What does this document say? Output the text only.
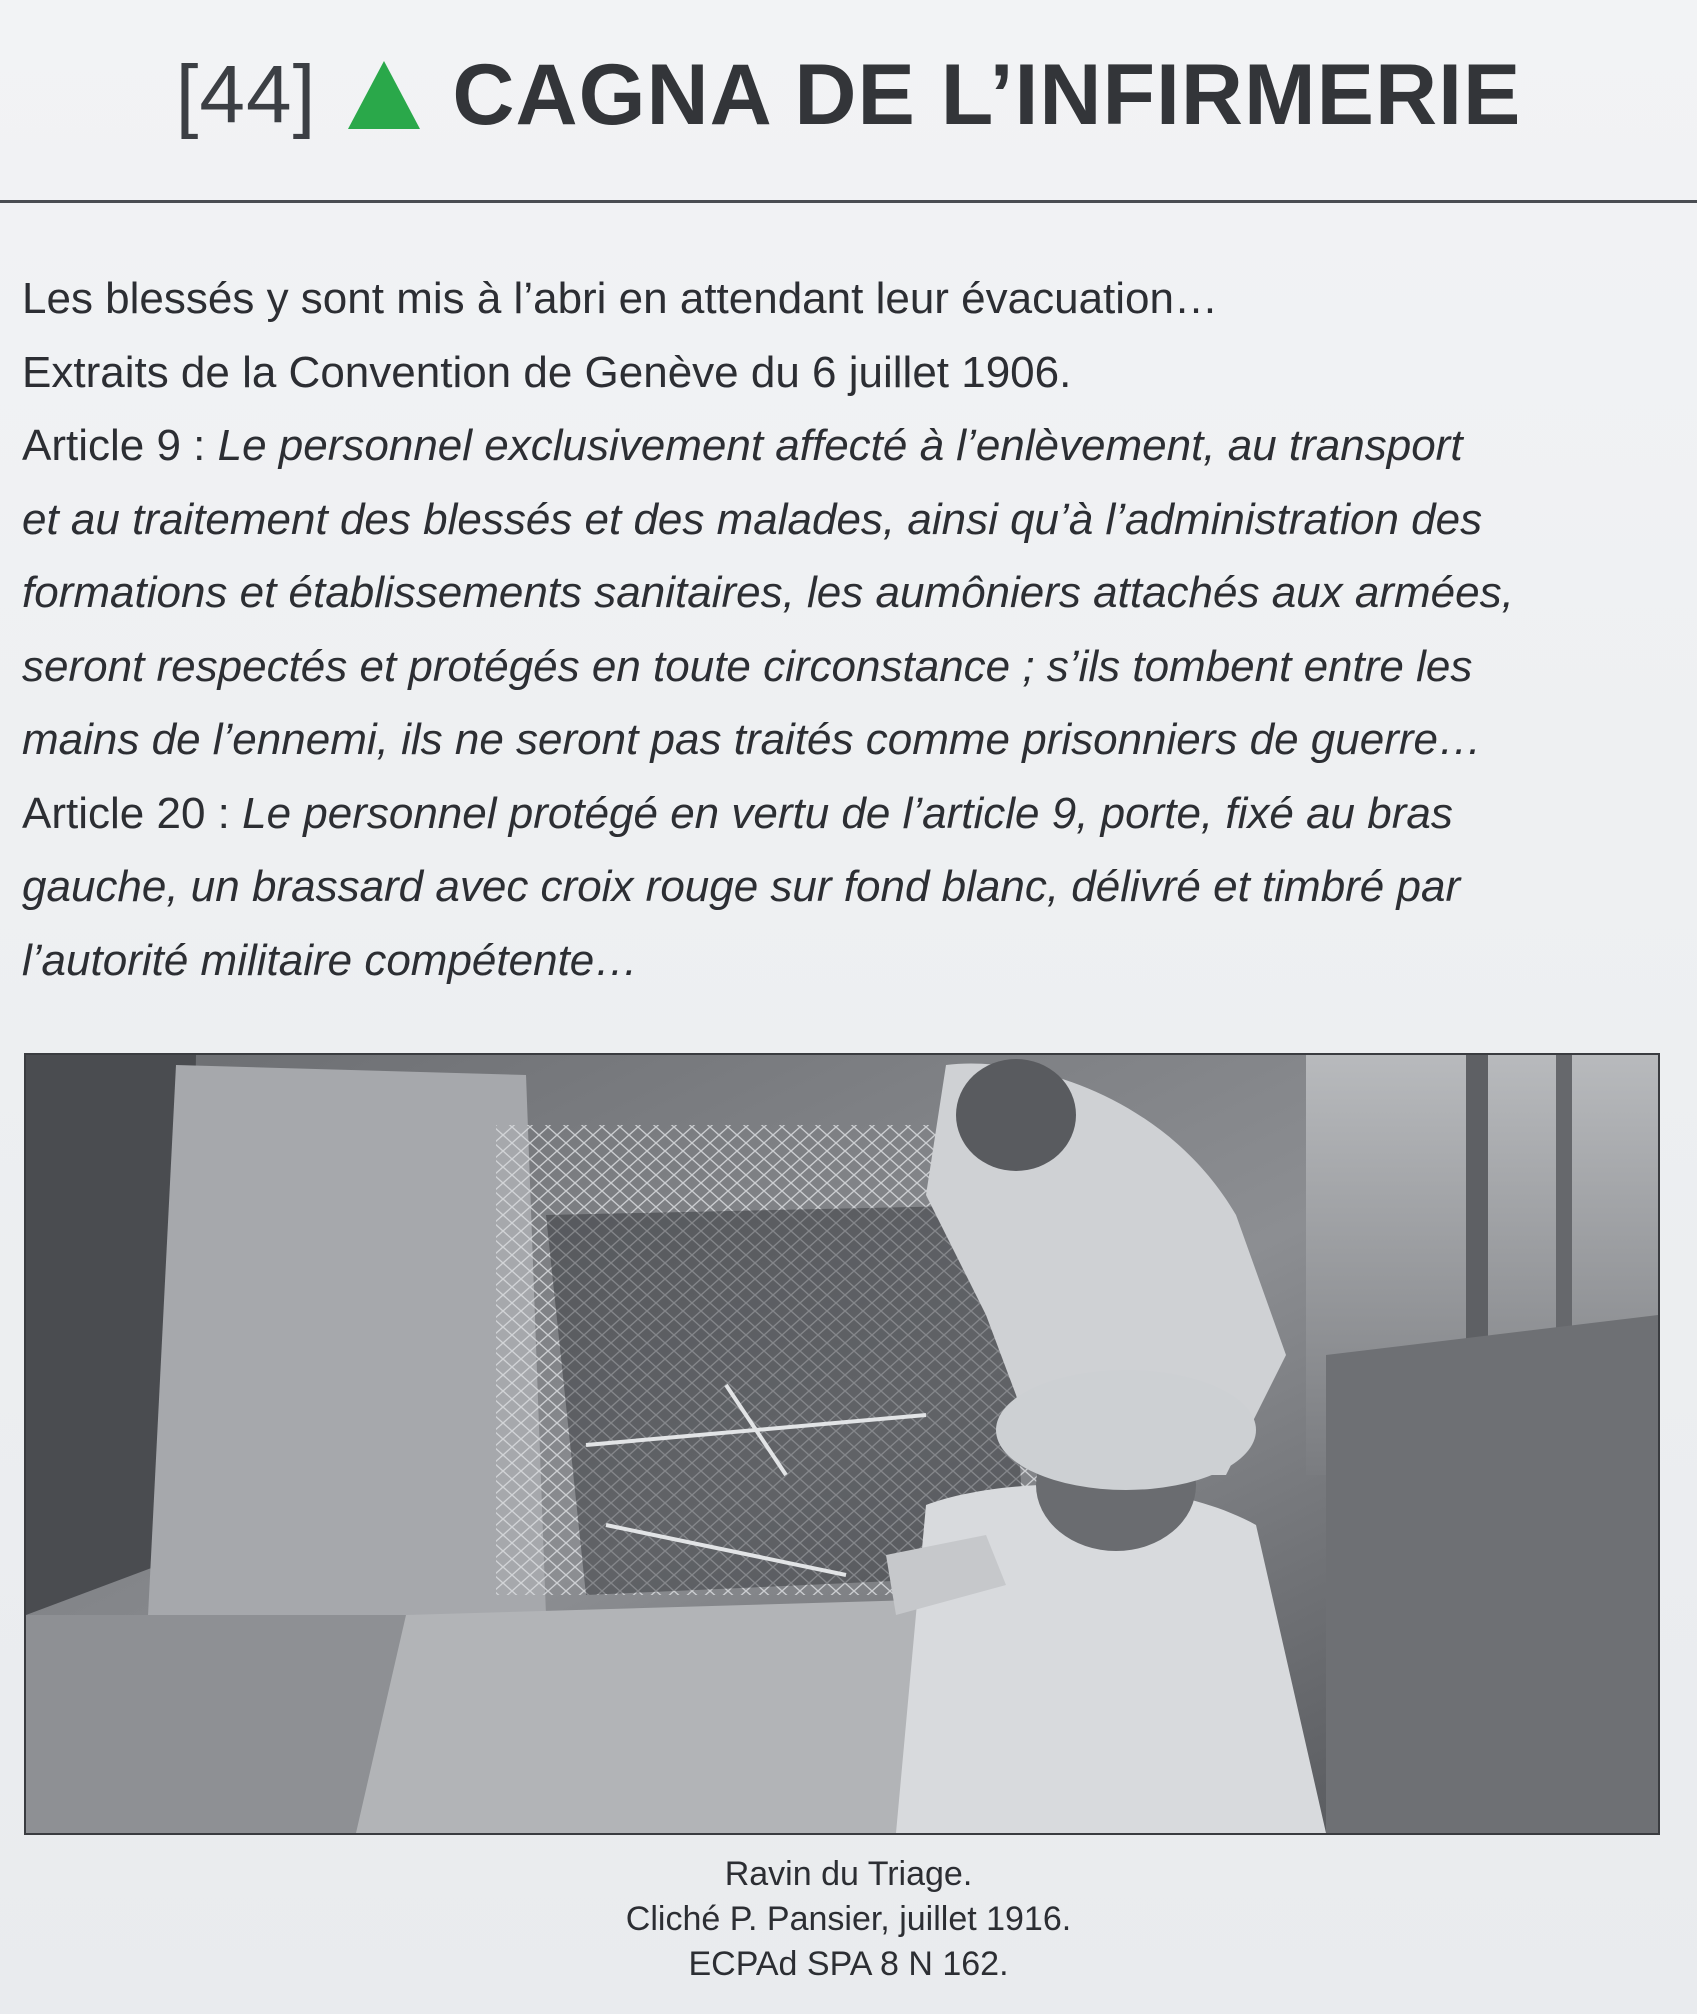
[44] CAGNA DE L’INFIRMERIE
Les blessés y sont mis à l’abri en attendant leur évacuation…
Extraits de la Convention de Genève du 6 juillet 1906.
Article 9 : Le personnel exclusivement affecté à l’enlèvement, au transport
et au traitement des blessés et des malades, ainsi qu’à l’administration des
formations et établissements sanitaires, les aumôniers attachés aux armées,
seront respectés et protégés en toute circonstance ; s’ils tombent entre les
mains de l’ennemi, ils ne seront pas traités comme prisonniers de guerre…
Article 20 : Le personnel protégé en vertu de l’article 9, porte, fixé au bras
gauche, un brassard avec croix rouge sur fond blanc, délivré et timbré par
l’autorité militaire compétente…
Ravin du Triage.
Cliché P. Pansier, juillet 1916.
ECPAd SPA 8 N 162.
